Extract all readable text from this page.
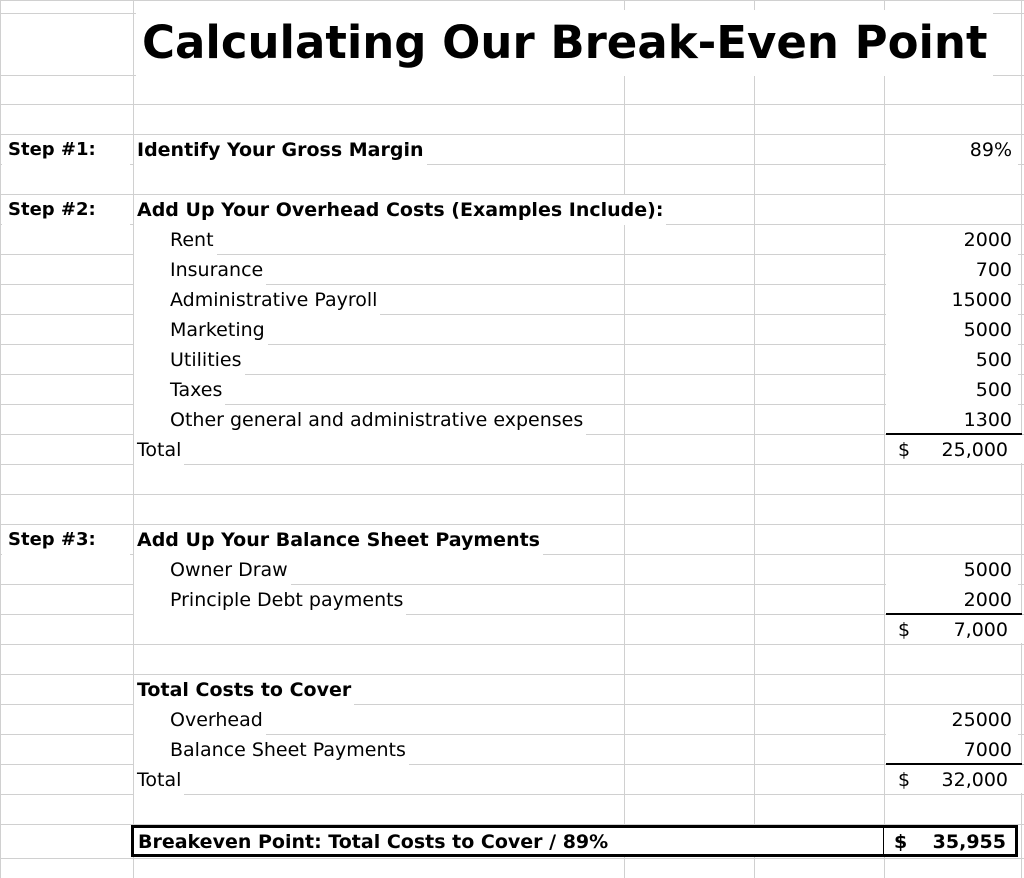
Calculating Our Break-Even Point
Step #1:	Identify Your Gross Margin	89%
Step #2:	Add Up Your Overhead Costs (Examples Include):
Rent	2000
Insurance	700
Administrative Payroll	15000
Marketing	5000
Utilities	500
Taxes	500
Other general and administrative expenses	1300
Total	$ 25,000
Step #3:	Add Up Your Balance Sheet Payments
Owner Draw	5000
Principle Debt payments	2000
$ 7,000
Total Costs to Cover
Overhead	25000
Balance Sheet Payments	7000
Total	$ 32,000
Breakeven Point: Total Costs to Cover / 89%	$ 35,955
